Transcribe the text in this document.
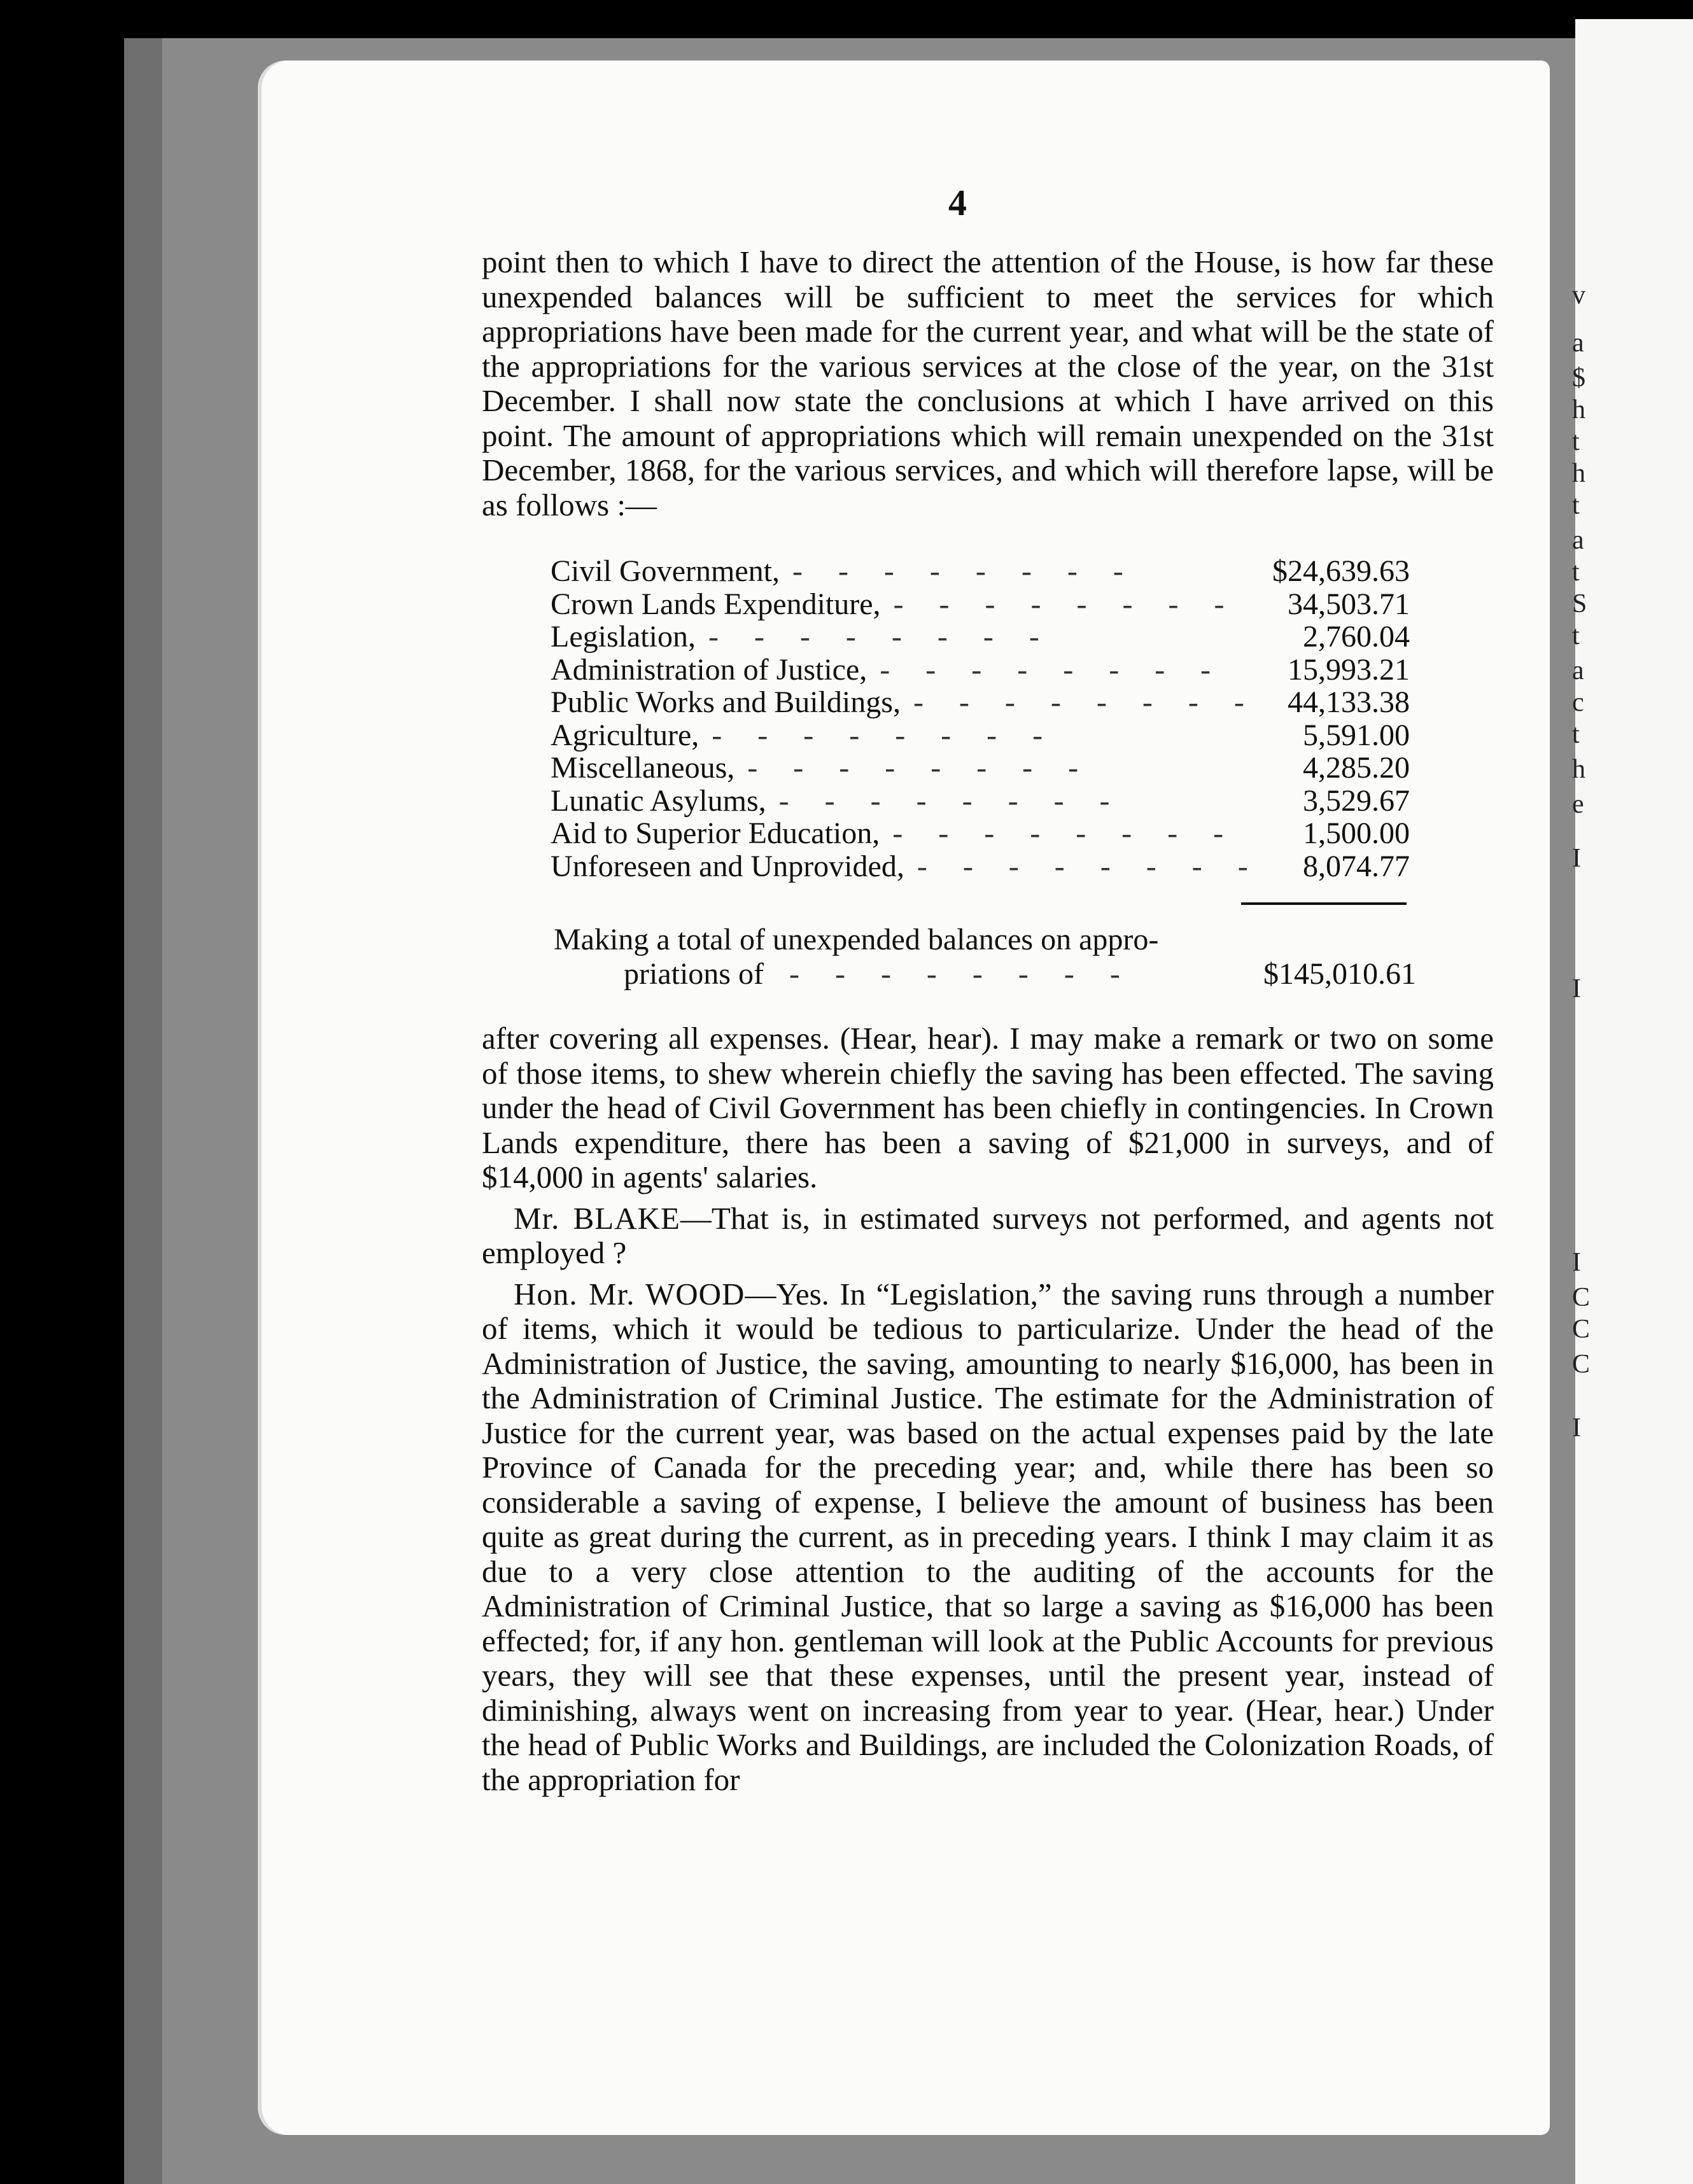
v
a
$
h
t
h
t
a
t
S
t
a
c
t
h
e
I
I
I
C
C
C
I
4

point then to which I have to direct the attention of the House, is how far these unexpended balances will be sufficient to meet the services for which appropriations have been made for the current year, and what will be the state of the appropriations for the various services at the close of the year, on the 31st December. I shall now state the conclusions at which I have arrived on this point. The amount of appropriations which will remain unexpended on the 31st December, 1868, for the various services, and which will therefore lapse, will be as follows :—

Civil Government, - - - - - - - -	$24,639.63
Crown Lands Expenditure, - - - - - - - -	34,503.71
Legislation, - - - - - - - -	2,760.04
Administration of Justice, - - - - - - - -	15,993.21
Public Works and Buildings, - - - - - - - - 44,133.38
Agriculture, - - - - - - - -	5,591.00
Miscellaneous, - - - - - - - -	4,285.20
Lunatic Asylums, - - - - - - - -	3,529.67
Aid to Superior Education, - - - - - - - -	1,500.00
Unforeseen and Unprovided, - - - - - - - -	8,074.77
Making a total of unexpended balances on appro-
priations of - - - - - - - -	$145,010.61

after covering all expenses. (Hear, hear). I may make a remark or two on some of those items, to shew wherein chiefly the saving has been effected. The saving under the head of Civil Government has been chiefly in contingencies. In Crown Lands expenditure, there has been a saving of $21,000 in surveys, and of $14,000 in agents' salaries.

Mr. BLAKE—That is, in estimated surveys not performed, and agents not employed ?

Hon. Mr. WOOD—Yes. In “Legislation,” the saving runs through a number of items, which it would be tedious to particularize. Under the head of the Administration of Justice, the saving, amounting to nearly $16,000, has been in the Administration of Criminal Justice. The estimate for the Administration of Justice for the current year, was based on the actual expenses paid by the late Province of Canada for the preceding year; and, while there has been so considerable a saving of expense, I believe the amount of business has been quite as great during the current, as in preceding years. I think I may claim it as due to a very close attention to the auditing of the accounts for the Administration of Criminal Justice, that so large a saving as $16,000 has been effected; for, if any hon. gentleman will look at the Public Accounts for previous years, they will see that these expenses, until the present year, instead of diminishing, always went on increasing from year to year. (Hear, hear.) Under the head of Public Works and Buildings, are included the Colonization Roads, of the appropriation for
